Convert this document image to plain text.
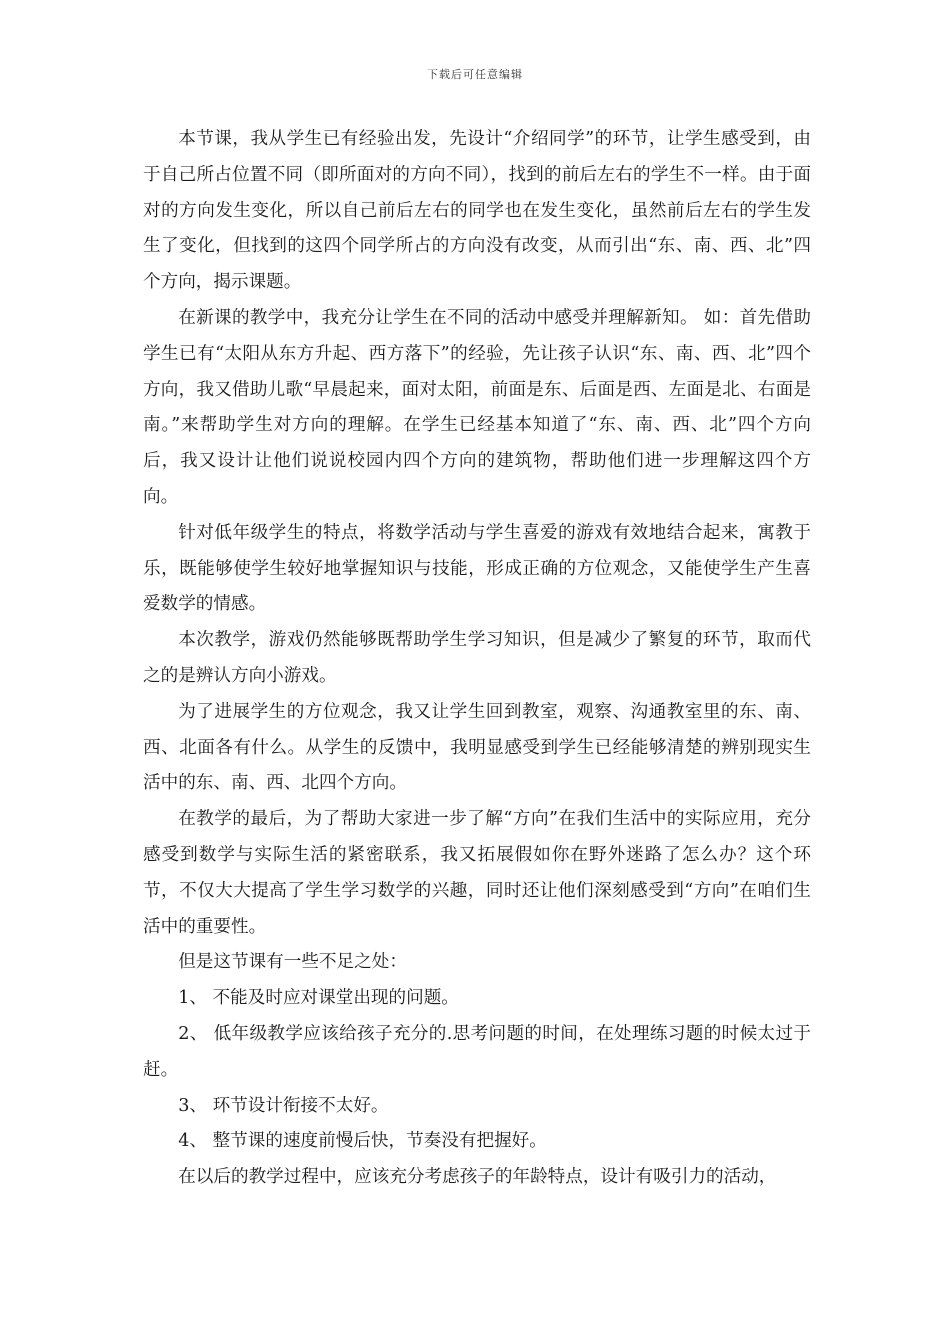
下载后可任意编辑

本节课，我从学生已有经验出发，先设计“介绍同学”的环节，让学生感受到，由于自己所占位置不同（即所面对的方向不同），找到的前后左右的学生不一样。由于面对的方向发生变化，所以自己前后左右的同学也在发生变化，虽然前后左右的学生发生了变化，但找到的这四个同学所占的方向没有改变，从而引出“东、南、西、北”四个方向，揭示课题。

在新课的教学中，我充分让学生在不同的活动中感受并理解新知。 如：首先借助学生已有“太阳从东方升起、西方落下”的经验，先让孩子认识“东、南、西、北”四个方向，我又借助儿歌“早晨起来，面对太阳，前面是东、后面是西、左面是北、右面是南。”来帮助学生对方向的理解。在学生已经基本知道了“东、南、西、北”四个方向后，我又设计让他们说说校园内四个方向的建筑物，帮助他们进一步理解这四个方向。

针对低年级学生的特点，将数学活动与学生喜爱的游戏有效地结合起来，寓教于乐，既能够使学生较好地掌握知识与技能，形成正确的方位观念，又能使学生产生喜爱数学的情感。

本次教学，游戏仍然能够既帮助学生学习知识，但是减少了繁复的环节，取而代之的是辨认方向小游戏。

为了进展学生的方位观念，我又让学生回到教室，观察、沟通教室里的东、南、西、北面各有什么。从学生的反馈中，我明显感受到学生已经能够清楚的辨别现实生活中的东、南、西、北四个方向。

在教学的最后，为了帮助大家进一步了解“方向”在我们生活中的实际应用，充分感受到数学与实际生活的紧密联系，我又拓展假如你在野外迷路了怎么办？这个环节，不仅大大提高了学生学习数学的兴趣，同时还让他们深刻感受到“方向”在咱们生活中的重要性。

但是这节课有一些不足之处：

1、 不能及时应对课堂出现的问题。

2、 低年级教学应该给孩子充分的.思考问题的时间，在处理练习题的时候太过于赶。

3、 环节设计衔接不太好。

4、 整节课的速度前慢后快，节奏没有把握好。

在以后的教学过程中，应该充分考虑孩子的年龄特点，设计有吸引力的活动，
